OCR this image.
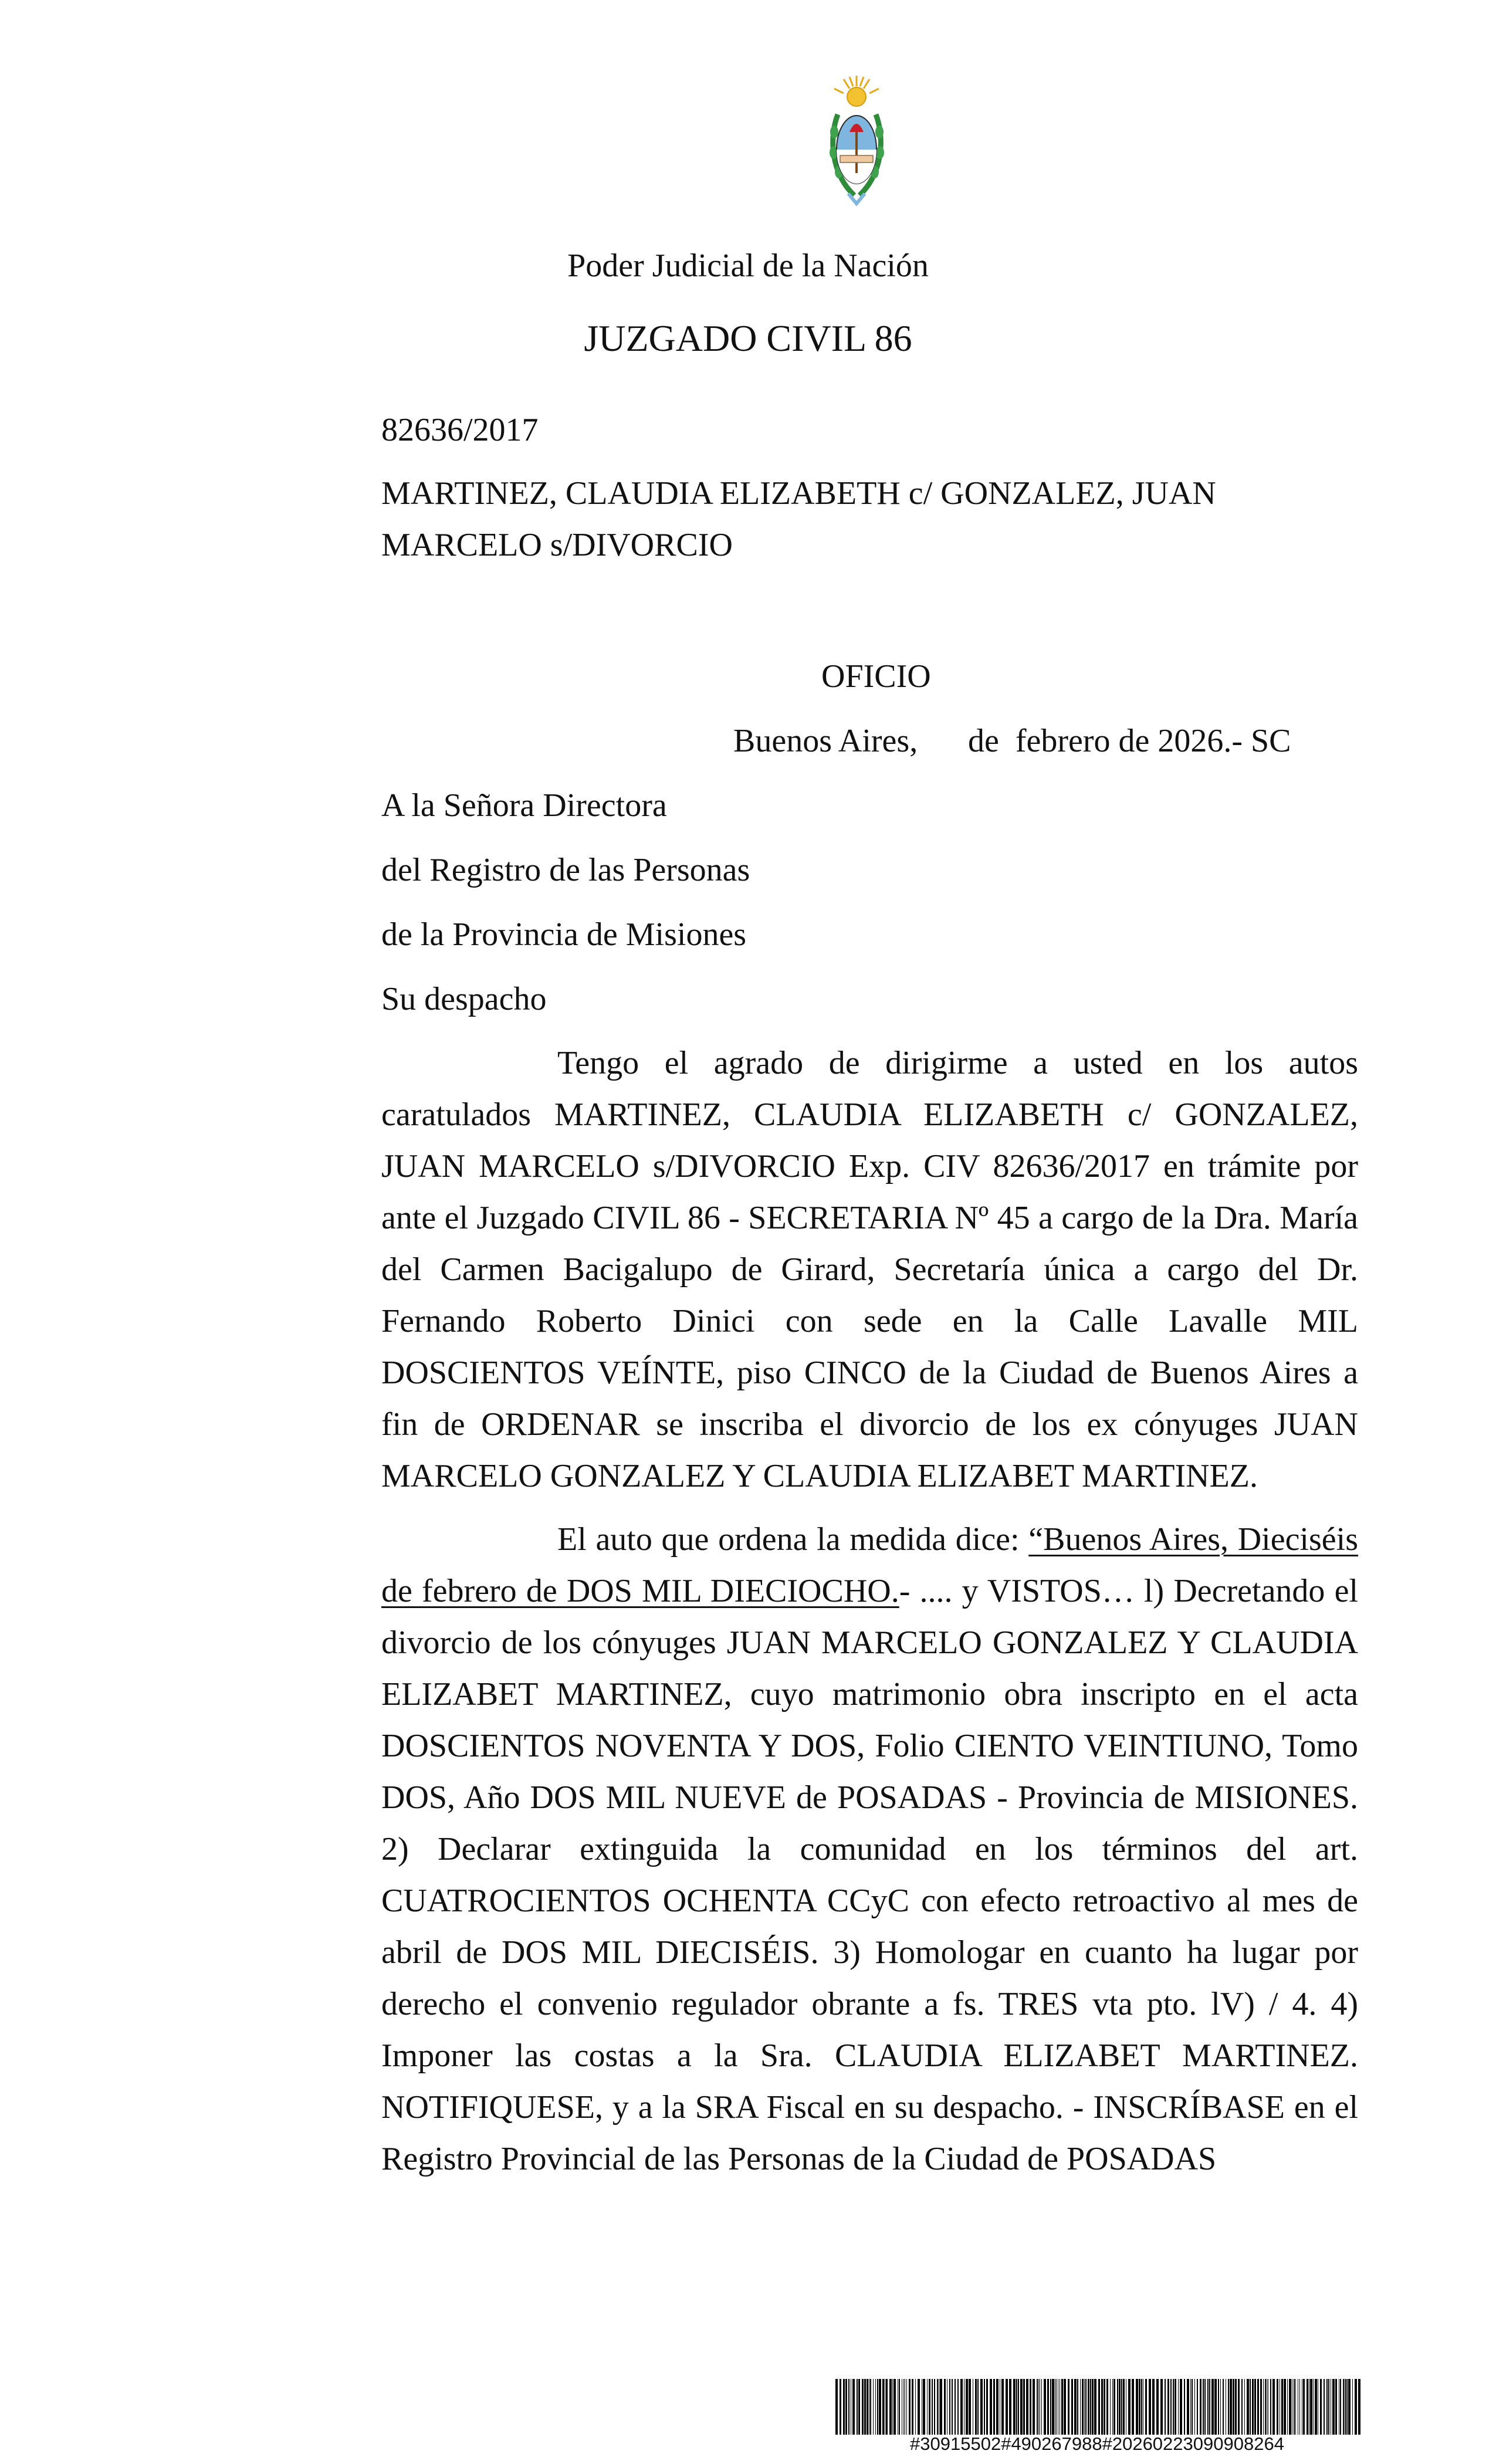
Poder Judicial de la Nación
JUZGADO CIVIL 86
82636/2017
MARTINEZ, CLAUDIA ELIZABETH c/ GONZALEZ, JUAN
MARCELO s/DIVORCIO
OFICIO
Buenos Aires, de  febrero de 2026.- SC
A la Señora Directora
del Registro de las Personas
de la Provincia de Misiones
Su despacho

Tengo el agrado de dirigirme a usted en los autos caratulados MARTINEZ, CLAUDIA ELIZABETH c/ GONZALEZ, JUAN MARCELO s/DIVORCIO Exp. CIV 82636/2017 en trámite por ante el Juzgado CIVIL 86 - SECRETARIA Nº 45 a cargo de la Dra. María del Carmen Bacigalupo de Girard, Secretaría única a cargo del Dr. Fernando Roberto Dinici con sede en la Calle Lavalle MIL DOSCIENTOS VEÍNTE, piso CINCO de la Ciudad de Buenos Aires a fin de ORDENAR se inscriba el divorcio de los ex cónyuges JUAN MARCELO GONZALEZ Y CLAUDIA ELIZABET MARTINEZ.

El auto que ordena la medida dice: “Buenos Aires, Dieciséis de febrero de DOS MIL DIECIOCHO.- .... y VISTOS… l) Decretando el divorcio de los cónyuges JUAN MARCELO GONZALEZ Y CLAUDIA ELIZABET MARTINEZ, cuyo matrimonio obra inscripto en el acta DOSCIENTOS NOVENTA Y DOS, Folio CIENTO VEINTIUNO, Tomo DOS, Año DOS MIL NUEVE de POSADAS - Provincia de MISIONES. 2) Declarar extinguida la comunidad en los términos del art. CUATROCIENTOS OCHENTA CCyC con efecto retroactivo al mes de abril de DOS MIL DIECISÉIS. 3) Homologar en cuanto ha lugar por derecho el convenio regulador obrante a fs. TRES vta pto. lV) / 4. 4) Imponer las costas a la Sra. CLAUDIA ELIZABET MARTINEZ. NOTIFIQUESE, y a la SRA Fiscal en su despacho. - INSCRÍBASE en el Registro Provincial de las Personas de la Ciudad de POSADAS

#30915502#490267988#20260223090908264
